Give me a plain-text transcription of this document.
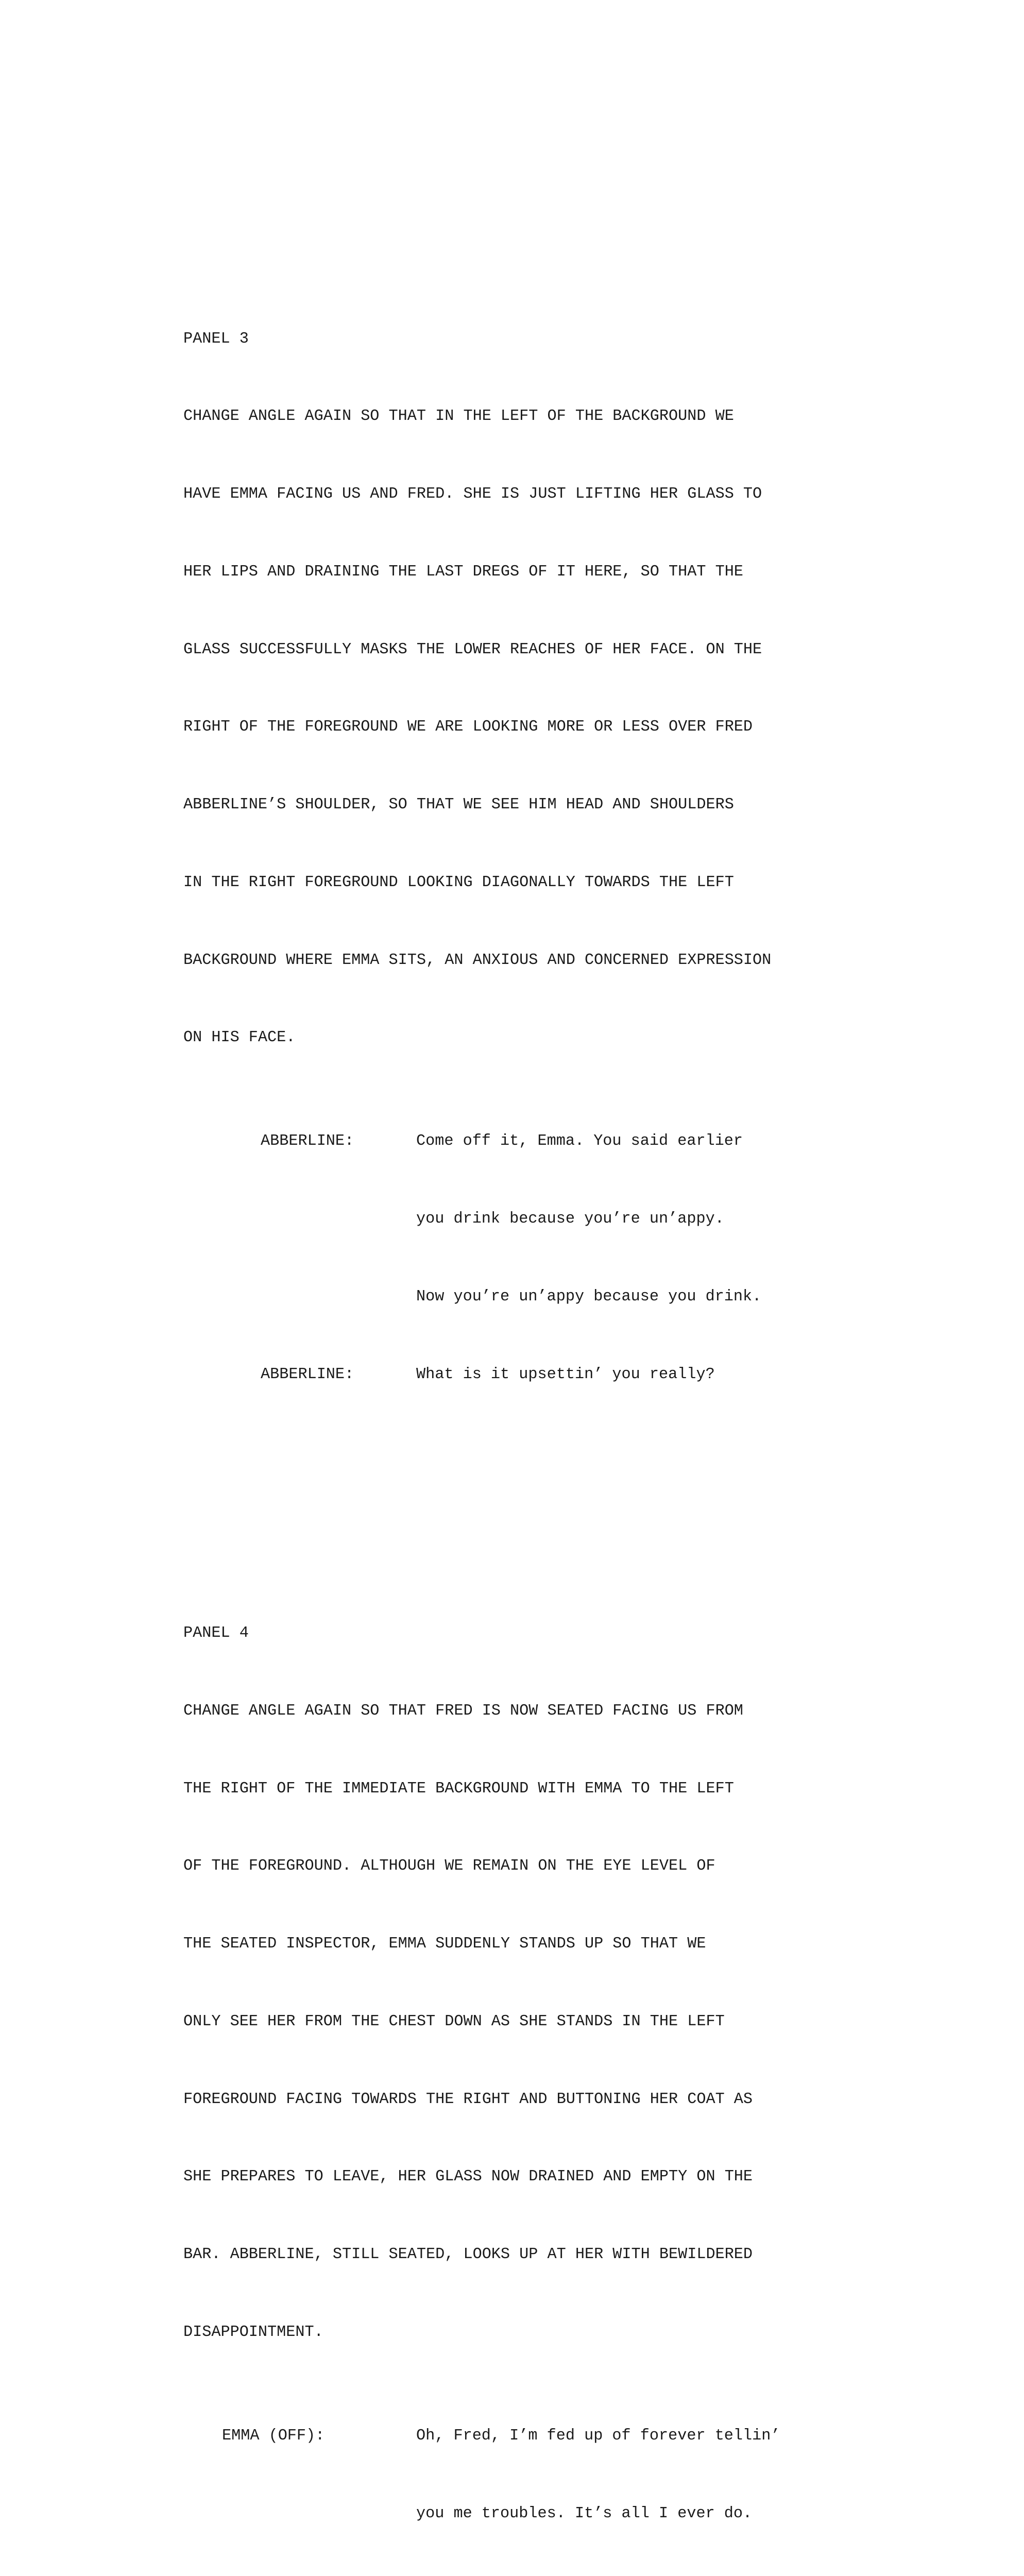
PANEL 3

CHANGE ANGLE AGAIN SO THAT IN THE LEFT OF THE BACKGROUND WE

HAVE EMMA FACING US AND FRED. SHE IS JUST LIFTING HER GLASS TO

HER LIPS AND DRAINING THE LAST DREGS OF IT HERE, SO THAT THE

GLASS SUCCESSFULLY MASKS THE LOWER REACHES OF HER FACE. ON THE

RIGHT OF THE FOREGROUND WE ARE LOOKING MORE OR LESS OVER FRED

ABBERLINE’S SHOULDER, SO THAT WE SEE HIM HEAD AND SHOULDERS

IN THE RIGHT FOREGROUND LOOKING DIAGONALLY TOWARDS THE LEFT

BACKGROUND WHERE EMMA SITS, AN ANXIOUS AND CONCERNED EXPRESSION

ON HIS FACE.

ABBERLINE:

	Come off it, Emma. You said earlier

you drink because you’re un’appy.

Now you’re un’appy because you drink.

ABBERLINE:

	What is it upsettin’ you really?

PANEL 4

CHANGE ANGLE AGAIN SO THAT FRED IS NOW SEATED FACING US FROM

THE RIGHT OF THE IMMEDIATE BACKGROUND WITH EMMA TO THE LEFT

OF THE FOREGROUND. ALTHOUGH WE REMAIN ON THE EYE LEVEL OF

THE SEATED INSPECTOR, EMMA SUDDENLY STANDS UP SO THAT WE

ONLY SEE HER FROM THE CHEST DOWN AS SHE STANDS IN THE LEFT

FOREGROUND FACING TOWARDS THE RIGHT AND BUTTONING HER COAT AS

SHE PREPARES TO LEAVE, HER GLASS NOW DRAINED AND EMPTY ON THE

BAR. ABBERLINE, STILL SEATED, LOOKS UP AT HER WITH BEWILDERED

DISAPPOINTMENT.

EMMA (OFF):

	Oh, Fred, I’m fed up of forever tellin’

you me troubles. It’s all I ever do.
